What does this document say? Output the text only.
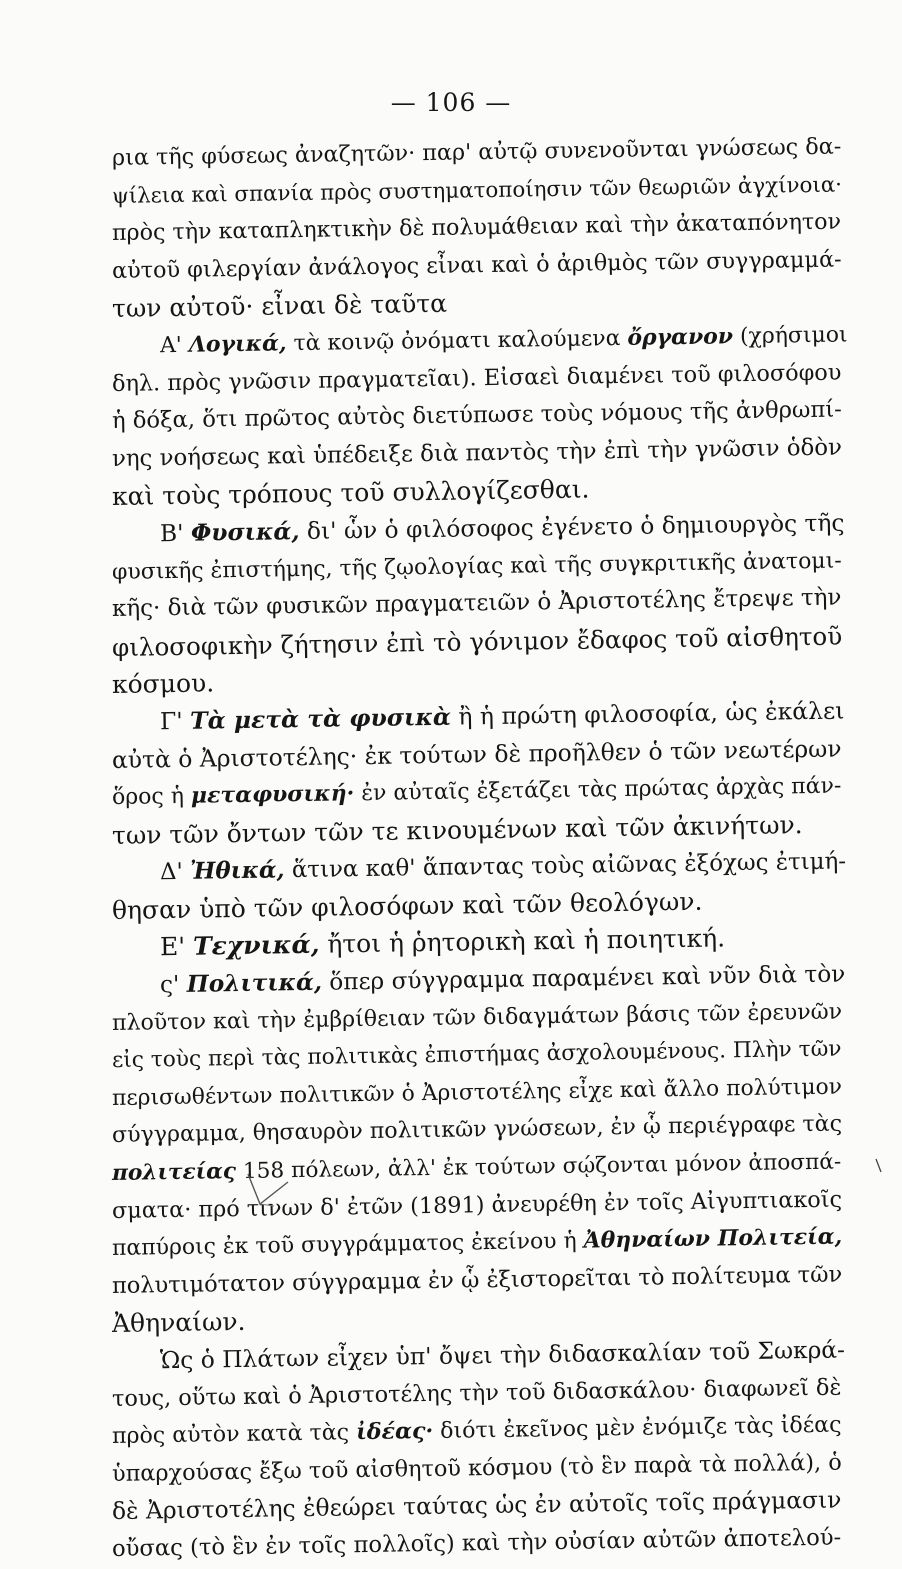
— 106 —
ρια τῆς φύσεως ἀναζητῶν· παρ' αὐτῷ συνενοῦνται γνώσεως δα-
ψίλεια καὶ σπανία πρὸς συστηματοποίησιν τῶν θεωριῶν ἀγχίνοια·
πρὸς τὴν καταπληκτικὴν δὲ πολυμάθειαν καὶ τὴν ἀκαταπόνητον
αὐτοῦ φιλεργίαν ἀνάλογος εἶναι καὶ ὁ ἀριθμὸς τῶν συγγραμμά-
των αὐτοῦ· εἶναι δὲ ταῦτα
Α' Λογικά, τὰ κοινῷ ὀνόματι καλούμενα ὄργανον (χρήσιμοι
δηλ. πρὸς γνῶσιν πραγματεῖαι). Εἰσαεὶ διαμένει τοῦ φιλοσόφου
ἡ δόξα, ὅτι πρῶτος αὐτὸς διετύπωσε τοὺς νόμους τῆς ἀνθρωπί-
νης νοήσεως καὶ ὑπέδειξε διὰ παντὸς τὴν ἐπὶ τὴν γνῶσιν ὁδὸν
καὶ τοὺς τρόπους τοῦ συλλογίζεσθαι.
Β' Φυσικά, δι' ὧν ὁ φιλόσοφος ἐγένετο ὁ δημιουργὸς τῆς
φυσικῆς ἐπιστήμης, τῆς ζῳολογίας καὶ τῆς συγκριτικῆς ἀνατομι-
κῆς· διὰ τῶν φυσικῶν πραγματειῶν ὁ Ἀριστοτέλης ἔτρεψε τὴν
φιλοσοφικὴν ζήτησιν ἐπὶ τὸ γόνιμον ἔδαφος τοῦ αἰσθητοῦ
κόσμου.
Γ' Τὰ μετὰ τὰ φυσικὰ ἢ ἡ πρώτη φιλοσοφία, ὡς ἐκάλει
αὐτὰ ὁ Ἀριστοτέλης· ἐκ τούτων δὲ προῆλθεν ὁ τῶν νεωτέρων
ὅρος ἡ μεταφυσική· ἐν αὐταῖς ἐξετάζει τὰς πρώτας ἀρχὰς πάν-
των τῶν ὄντων τῶν τε κινουμένων καὶ τῶν ἀκινήτων.
Δ' Ἠθικά, ἅτινα καθ' ἅπαντας τοὺς αἰῶνας ἐξόχως ἐτιμή-
θησαν ὑπὸ τῶν φιλοσόφων καὶ τῶν θεολόγων.
Ε' Τεχνικά, ἤτοι ἡ ῥητορικὴ καὶ ἡ ποιητική.
ς' Πολιτικά, ὅπερ σύγγραμμα παραμένει καὶ νῦν διὰ τὸν
πλοῦτον καὶ τὴν ἐμβρίθειαν τῶν διδαγμάτων βάσις τῶν ἐρευνῶν
εἰς τοὺς περὶ τὰς πολιτικὰς ἐπιστήμας ἀσχολουμένους. Πλὴν τῶν
περισωθέντων πολιτικῶν ὁ Ἀριστοτέλης εἶχε καὶ ἄλλο πολύτιμον
σύγγραμμα, θησαυρὸν πολιτικῶν γνώσεων, ἐν ᾧ περιέγραφε τὰς
πολιτείας 158 πόλεων, ἀλλ' ἐκ τούτων σῴζονται μόνον ἀποσπά-
σματα· πρό τινων δ' ἐτῶν (1891) ἀνευρέθη ἐν τοῖς Αἰγυπτιακοῖς
παπύροις ἐκ τοῦ συγγράμματος ἐκείνου ἡ Ἀθηναίων Πολιτεία,
πολυτιμότατον σύγγραμμα ἐν ᾧ ἐξιστορεῖται τὸ πολίτευμα τῶν
Ἀθηναίων.
Ὡς ὁ Πλάτων εἶχεν ὑπ' ὄψει τὴν διδασκαλίαν τοῦ Σωκρά-
τους, οὕτω καὶ ὁ Ἀριστοτέλης τὴν τοῦ διδασκάλου· διαφωνεῖ δὲ
πρὸς αὐτὸν κατὰ τὰς ἰδέας· διότι ἐκεῖνος μὲν ἐνόμιζε τὰς ἰδέας
ὑπαρχούσας ἔξω τοῦ αἰσθητοῦ κόσμου (τὸ ἓν παρὰ τὰ πολλά), ὁ
δὲ Ἀριστοτέλης ἐθεώρει ταύτας ὡς ἐν αὐτοῖς τοῖς πράγμασιν
οὔσας (τὸ ἓν ἐν τοῖς πολλοῖς) καὶ τὴν οὐσίαν αὐτῶν ἀποτελού-
